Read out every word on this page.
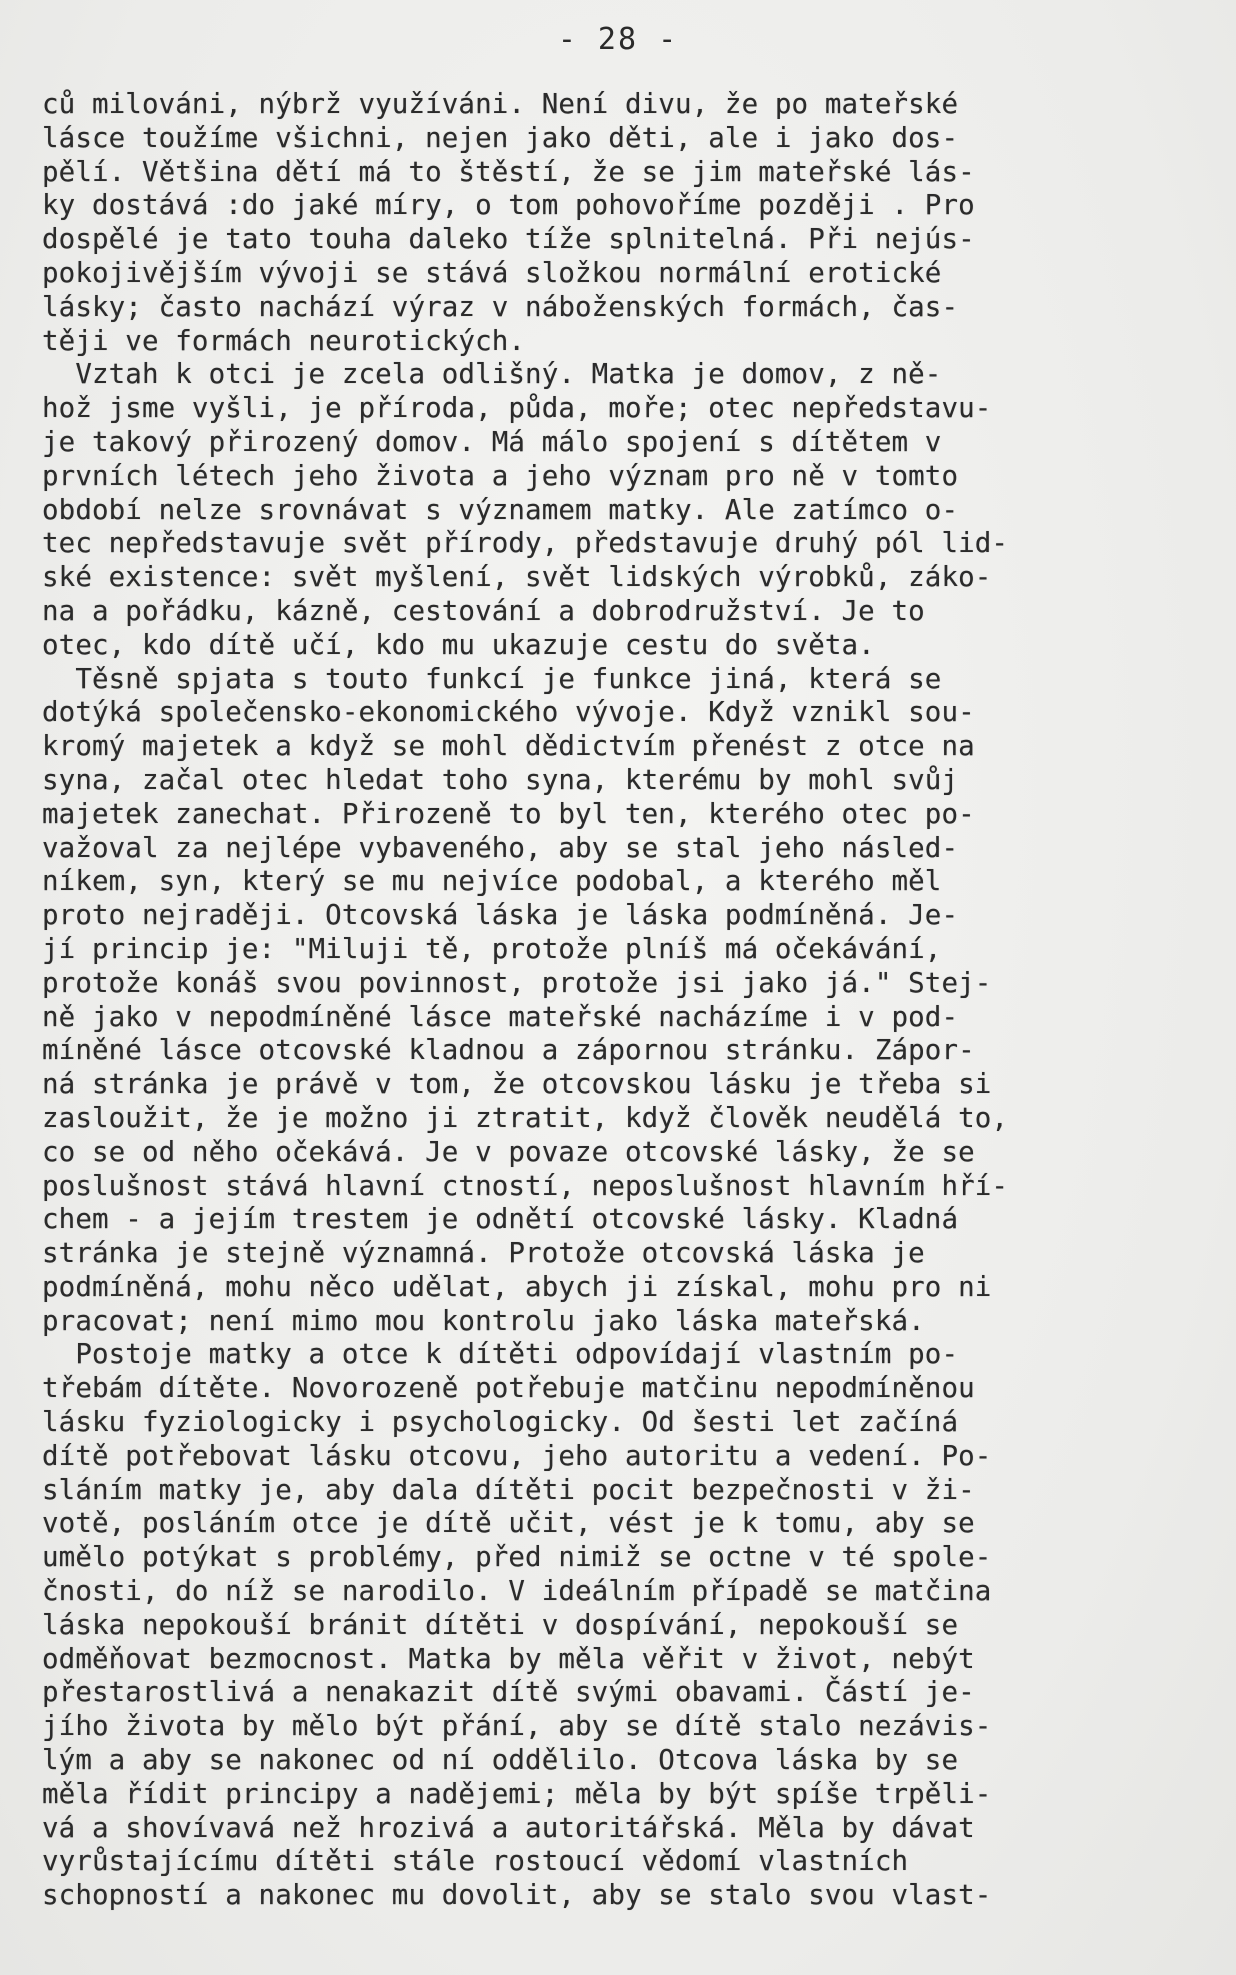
- 28 -
ců milováni, nýbrž využíváni. Není divu, že po mateřské
lásce toužíme všichni, nejen jako děti, ale i jako dos-
pělí. Většina dětí má to štěstí, že se jim mateřské lás-
ky dostává :do jaké míry, o tom pohovoříme později . Pro
dospělé je tato touha daleko tíže splnitelná. Při nejús-
pokojivějším vývoji se stává složkou normální erotické
lásky; často nachází výraz v náboženských formách, čas-
těji ve formách neurotických.
Vztah k otci je zcela odlišný. Matka je domov, z ně-
hož jsme vyšli, je příroda, půda, moře; otec nepředstavu-
je takový přirozený domov. Má málo spojení s dítětem v
prvních létech jeho života a jeho význam pro ně v tomto
období nelze srovnávat s významem matky. Ale zatímco o-
tec nepředstavuje svět přírody, představuje druhý pól lid-
ské existence: svět myšlení, svět lidských výrobků, záko-
na a pořádku, kázně, cestování a dobrodružství. Je to
otec, kdo dítě učí, kdo mu ukazuje cestu do světa.
Těsně spjata s touto funkcí je funkce jiná, která se
dotýká společensko-ekonomického vývoje. Když vznikl sou-
kromý majetek a když se mohl dědictvím přenést z otce na
syna, začal otec hledat toho syna, kterému by mohl svůj
majetek zanechat. Přirozeně to byl ten, kterého otec po-
važoval za nejlépe vybaveného, aby se stal jeho násled-
níkem, syn, který se mu nejvíce podobal, a kterého měl
proto nejraději. Otcovská láska je láska podmíněná. Je-
jí princip je: "Miluji tě, protože plníš má očekávání,
protože konáš svou povinnost, protože jsi jako já." Stej-
ně jako v nepodmíněné lásce mateřské nacházíme i v pod-
míněné lásce otcovské kladnou a zápornou stránku. Zápor-
ná stránka je právě v tom, že otcovskou lásku je třeba si
zasloužit, že je možno ji ztratit, když člověk neudělá to,
co se od něho očekává. Je v povaze otcovské lásky, že se
poslušnost stává hlavní ctností, neposlušnost hlavním hří-
chem - a jejím trestem je odnětí otcovské lásky. Kladná
stránka je stejně významná. Protože otcovská láska je
podmíněná, mohu něco udělat, abych ji získal, mohu pro ni
pracovat; není mimo mou kontrolu jako láska mateřská.
Postoje matky a otce k dítěti odpovídají vlastním po-
třebám dítěte. Novorozeně potřebuje matčinu nepodmíněnou
lásku fyziologicky i psychologicky. Od šesti let začíná
dítě potřebovat lásku otcovu, jeho autoritu a vedení. Po-
sláním matky je, aby dala dítěti pocit bezpečnosti v ži-
votě, posláním otce je dítě učit, vést je k tomu, aby se
umělo potýkat s problémy, před nimiž se octne v té spole-
čnosti, do níž se narodilo. V ideálním případě se matčina
láska nepokouší bránit dítěti v dospívání, nepokouší se
odměňovat bezmocnost. Matka by měla věřit v život, nebýt
přestarostlivá a nenakazit dítě svými obavami. Částí je-
jího života by mělo být přání, aby se dítě stalo nezávis-
lým a aby se nakonec od ní oddělilo. Otcova láska by se
měla řídit principy a nadějemi; měla by být spíše trpěli-
vá a shovívavá než hrozivá a autoritářská. Měla by dávat
vyrůstajícímu dítěti stále rostoucí vědomí vlastních
schopností a nakonec mu dovolit, aby se stalo svou vlast-
